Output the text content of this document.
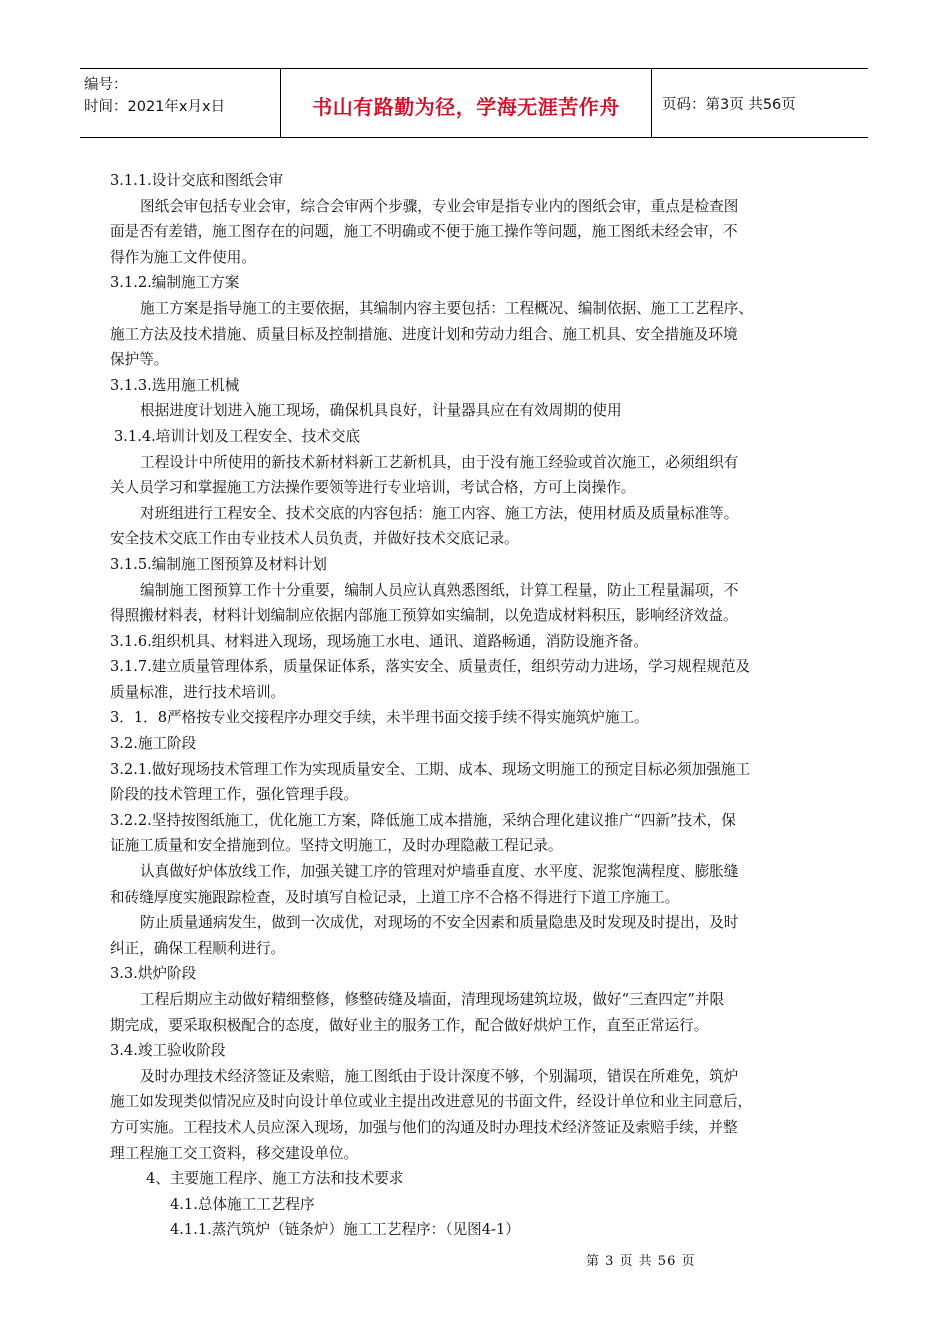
编号：
时间：2021年x月x日	书山有路勤为径，学海无涯苦作舟	页码：第3页 共56页

3.1.1.设计交底和图纸会审

图纸会审包括专业会审，综合会审两个步骤，专业会审是指专业内的图纸会审，重点是检查图

面是否有差错，施工图存在的问题，施工不明确或不便于施工操作等问题，施工图纸未经会审，不

得作为施工文件使用。

3.1.2.编制施工方案

施工方案是指导施工的主要依据，其编制内容主要包括：工程概况、编制依据、施工工艺程序、

施工方法及技术措施、质量目标及控制措施、进度计划和劳动力组合、施工机具、安全措施及环境

保护等。

3.1.3.选用施工机械

根据进度计划进入施工现场，确保机具良好，计量器具应在有效周期的使用

3.1.4.培训计划及工程安全、技术交底

工程设计中所使用的新技术新材料新工艺新机具，由于没有施工经验或首次施工，必须组织有

关人员学习和掌握施工方法操作要领等进行专业培训，考试合格，方可上岗操作。

对班组进行工程安全、技术交底的内容包括：施工内容、施工方法，使用材质及质量标准等。

安全技术交底工作由专业技术人员负责，并做好技术交底记录。

3.1.5.编制施工图预算及材料计划

编制施工图预算工作十分重要，编制人员应认真熟悉图纸，计算工程量，防止工程量漏项，不

得照搬材料表，材料计划编制应依据内部施工预算如实编制，以免造成材料积压，影响经济效益。

3.1.6.组织机具、材料进入现场，现场施工水电、通讯、道路畅通，消防设施齐备。

3.1.7.建立质量管理体系，质量保证体系，落实安全、质量责任，组织劳动力进场，学习规程规范及

质量标准，进行技术培训。

3．1．8严格按专业交接程序办理交手续，未半理书面交接手续不得实施筑炉施工。

3.2.施工阶段

3.2.1.做好现场技术管理工作为实现质量安全、工期、成本、现场文明施工的预定目标必须加强施工

阶段的技术管理工作，强化管理手段。

3.2.2.坚持按图纸施工，优化施工方案，降低施工成本措施，采纳合理化建议推广“四新”技术，保

证施工质量和安全措施到位。坚持文明施工，及时办理隐蔽工程记录。

认真做好炉体放线工作，加强关键工序的管理对炉墙垂直度、水平度、泥浆饱满程度、膨胀缝

和砖缝厚度实施跟踪检查，及时填写自检记录，上道工序不合格不得进行下道工序施工。

防止质量通病发生，做到一次成优，对现场的不安全因素和质量隐患及时发现及时提出，及时

纠正，确保工程顺利进行。

3.3.烘炉阶段

工程后期应主动做好精细整修，修整砖缝及墙面，清理现场建筑垃圾，做好“三查四定”并限

期完成，要采取积极配合的态度，做好业主的服务工作，配合做好烘炉工作，直至正常运行。

3.4.竣工验收阶段

及时办理技术经济签证及索赔，施工图纸由于设计深度不够，个别漏项，错误在所难免，筑炉

施工如发现类似情况应及时向设计单位或业主提出改进意见的书面文件，经设计单位和业主同意后，

方可实施。工程技术人员应深入现场，加强与他们的沟通及时办理技术经济签证及索赔手续，并整

理工程施工交工资料，移交建设单位。

4、主要施工程序、施工方法和技术要求

4.1.总体施工工艺程序

4.1.1.蒸汽筑炉（链条炉）施工工艺程序：（见图4-1）

第 3 页 共 56 页
